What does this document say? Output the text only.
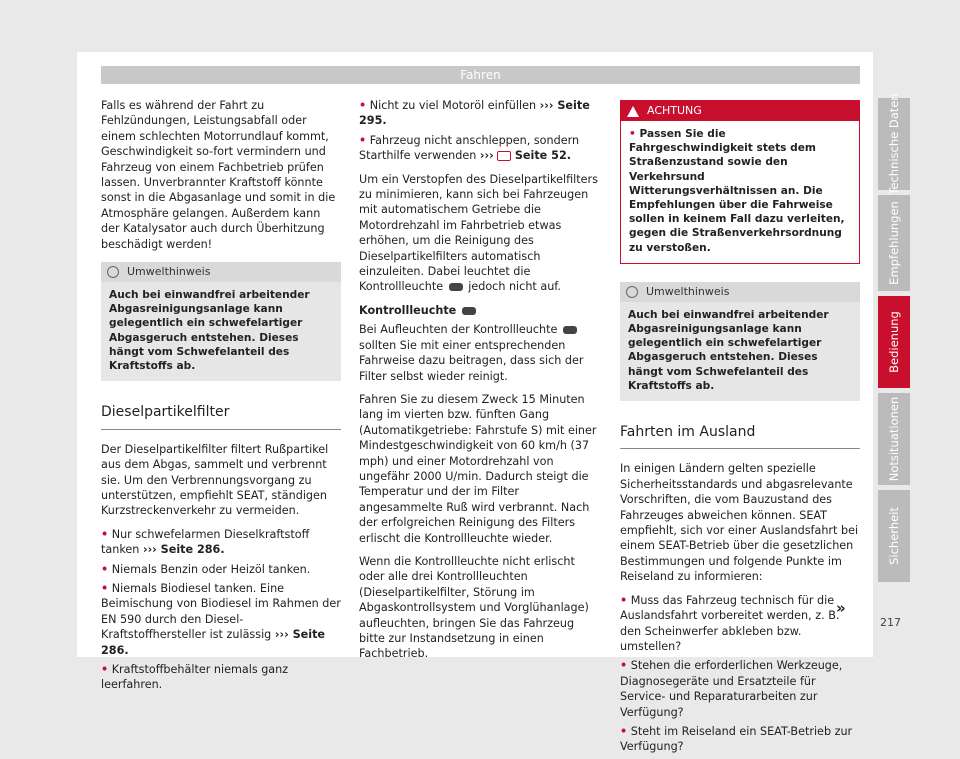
Fahren

Falls es während der Fahrt zu Fehlzündungen, Leistungsabfall oder einem schlechten Motorrundlauf kommt, Geschwindigkeit so-fort vermindern und Fahrzeug von einem Fachbetrieb prüfen lassen. Unverbrannter Kraftstoff könnte sonst in die Abgasanlage und somit in die Atmosphäre gelangen. Außerdem kann der Katalysator auch durch Überhitzung beschädigt werden!

Umwelthinweis
Auch bei einwandfrei arbeitender Abgasreinigungsanlage kann gelegentlich ein schwefelartiger Abgasgeruch entstehen. Dieses hängt vom Schwefelanteil des Kraftstoffs ab.
Dieselpartikelfilter

Der Dieselpartikelfilter filtert Rußpartikel aus dem Abgas, sammelt und verbrennt sie. Um den Verbrennungsvorgang zu unterstützen, empfiehlt SEAT, ständigen Kurzstreckenverkehr zu vermeiden.

• Nur schwefelarmen Dieselkraftstoff tanken ››› Seite 286.
• Niemals Benzin oder Heizöl tanken.
• Niemals Biodiesel tanken. Eine Beimischung von Biodiesel im Rahmen der EN 590 durch den Diesel-Kraftstoffhersteller ist zulässig ››› Seite 286.
• Kraftstoffbehälter niemals ganz leerfahren.
• Nicht zu viel Motoröl einfüllen ››› Seite 295.
• Fahrzeug nicht anschleppen, sondern Starthilfe verwenden ››› Seite 52.

Um ein Verstopfen des Dieselpartikelfilters zu minimieren, kann sich bei Fahrzeugen mit automatischem Getriebe die Motordrehzahl im Fahrbetrieb etwas erhöhen, um die Reinigung des Dieselpartikelfilters automatisch einzuleiten. Dabei leuchtet die Kontrollleuchte jedoch nicht auf.

Kontrollleuchte

Bei Aufleuchten der Kontrollleuchte  sollten Sie mit einer entsprechenden Fahrweise dazu beitragen, dass sich der Filter selbst wieder reinigt.

Fahren Sie zu diesem Zweck 15 Minuten lang im vierten bzw. fünften Gang (Automatikgetriebe: Fahrstufe S) mit einer Mindestgeschwindigkeit von 60 km/h (37 mph) und einer Motordrehzahl von ungefähr 2000 U/min. Dadurch steigt die Temperatur und der im Filter angesammelte Ruß wird verbrannt. Nach der erfolgreichen Reinigung des Filters erlischt die Kontrollleuchte wieder.

Wenn die Kontrollleuchte nicht erlischt oder alle drei Kontrollleuchten (Dieselpartikelfilter, Störung im Abgaskontrollsystem und Vorglühanlage) aufleuchten, bringen Sie das Fahrzeug bitte zur Instandsetzung in einen Fachbetrieb.

ACHTUNG
• Passen Sie die Fahrgeschwindigkeit stets dem Straßenzustand sowie den Verkehrsund Witterungsverhältnissen an. Die Empfehlungen über die Fahrweise sollen in keinem Fall dazu verleiten, gegen die Straßenverkehrsordnung zu verstoßen.
Umwelthinweis
Auch bei einwandfrei arbeitender Abgasreinigungsanlage kann gelegentlich ein schwefelartiger Abgasgeruch entstehen. Dieses hängt vom Schwefelanteil des Kraftstoffs ab.
Fahrten im Ausland

In einigen Ländern gelten spezielle Sicherheitsstandards und abgasrelevante Vorschriften, die vom Bauzustand des Fahrzeuges abweichen können. SEAT empfiehlt, sich vor einer Auslandsfahrt bei einem SEAT-Betrieb über die gesetzlichen Bestimmungen und folgende Punkte im Reiseland zu informieren:

• Muss das Fahrzeug technisch für die Auslandsfahrt vorbereitet werden, z. B. den Scheinwerfer abkleben bzw. umstellen?
• Stehen die erforderlichen Werkzeuge, Diagnosegeräte und Ersatzteile für Service- und Reparaturarbeiten zur Verfügung?
• Steht im Reiseland ein SEAT-Betrieb zur Verfügung?
»
Technische Daten
Empfehlungen
Bedienung
Notsituationen
Sicherheit
217
